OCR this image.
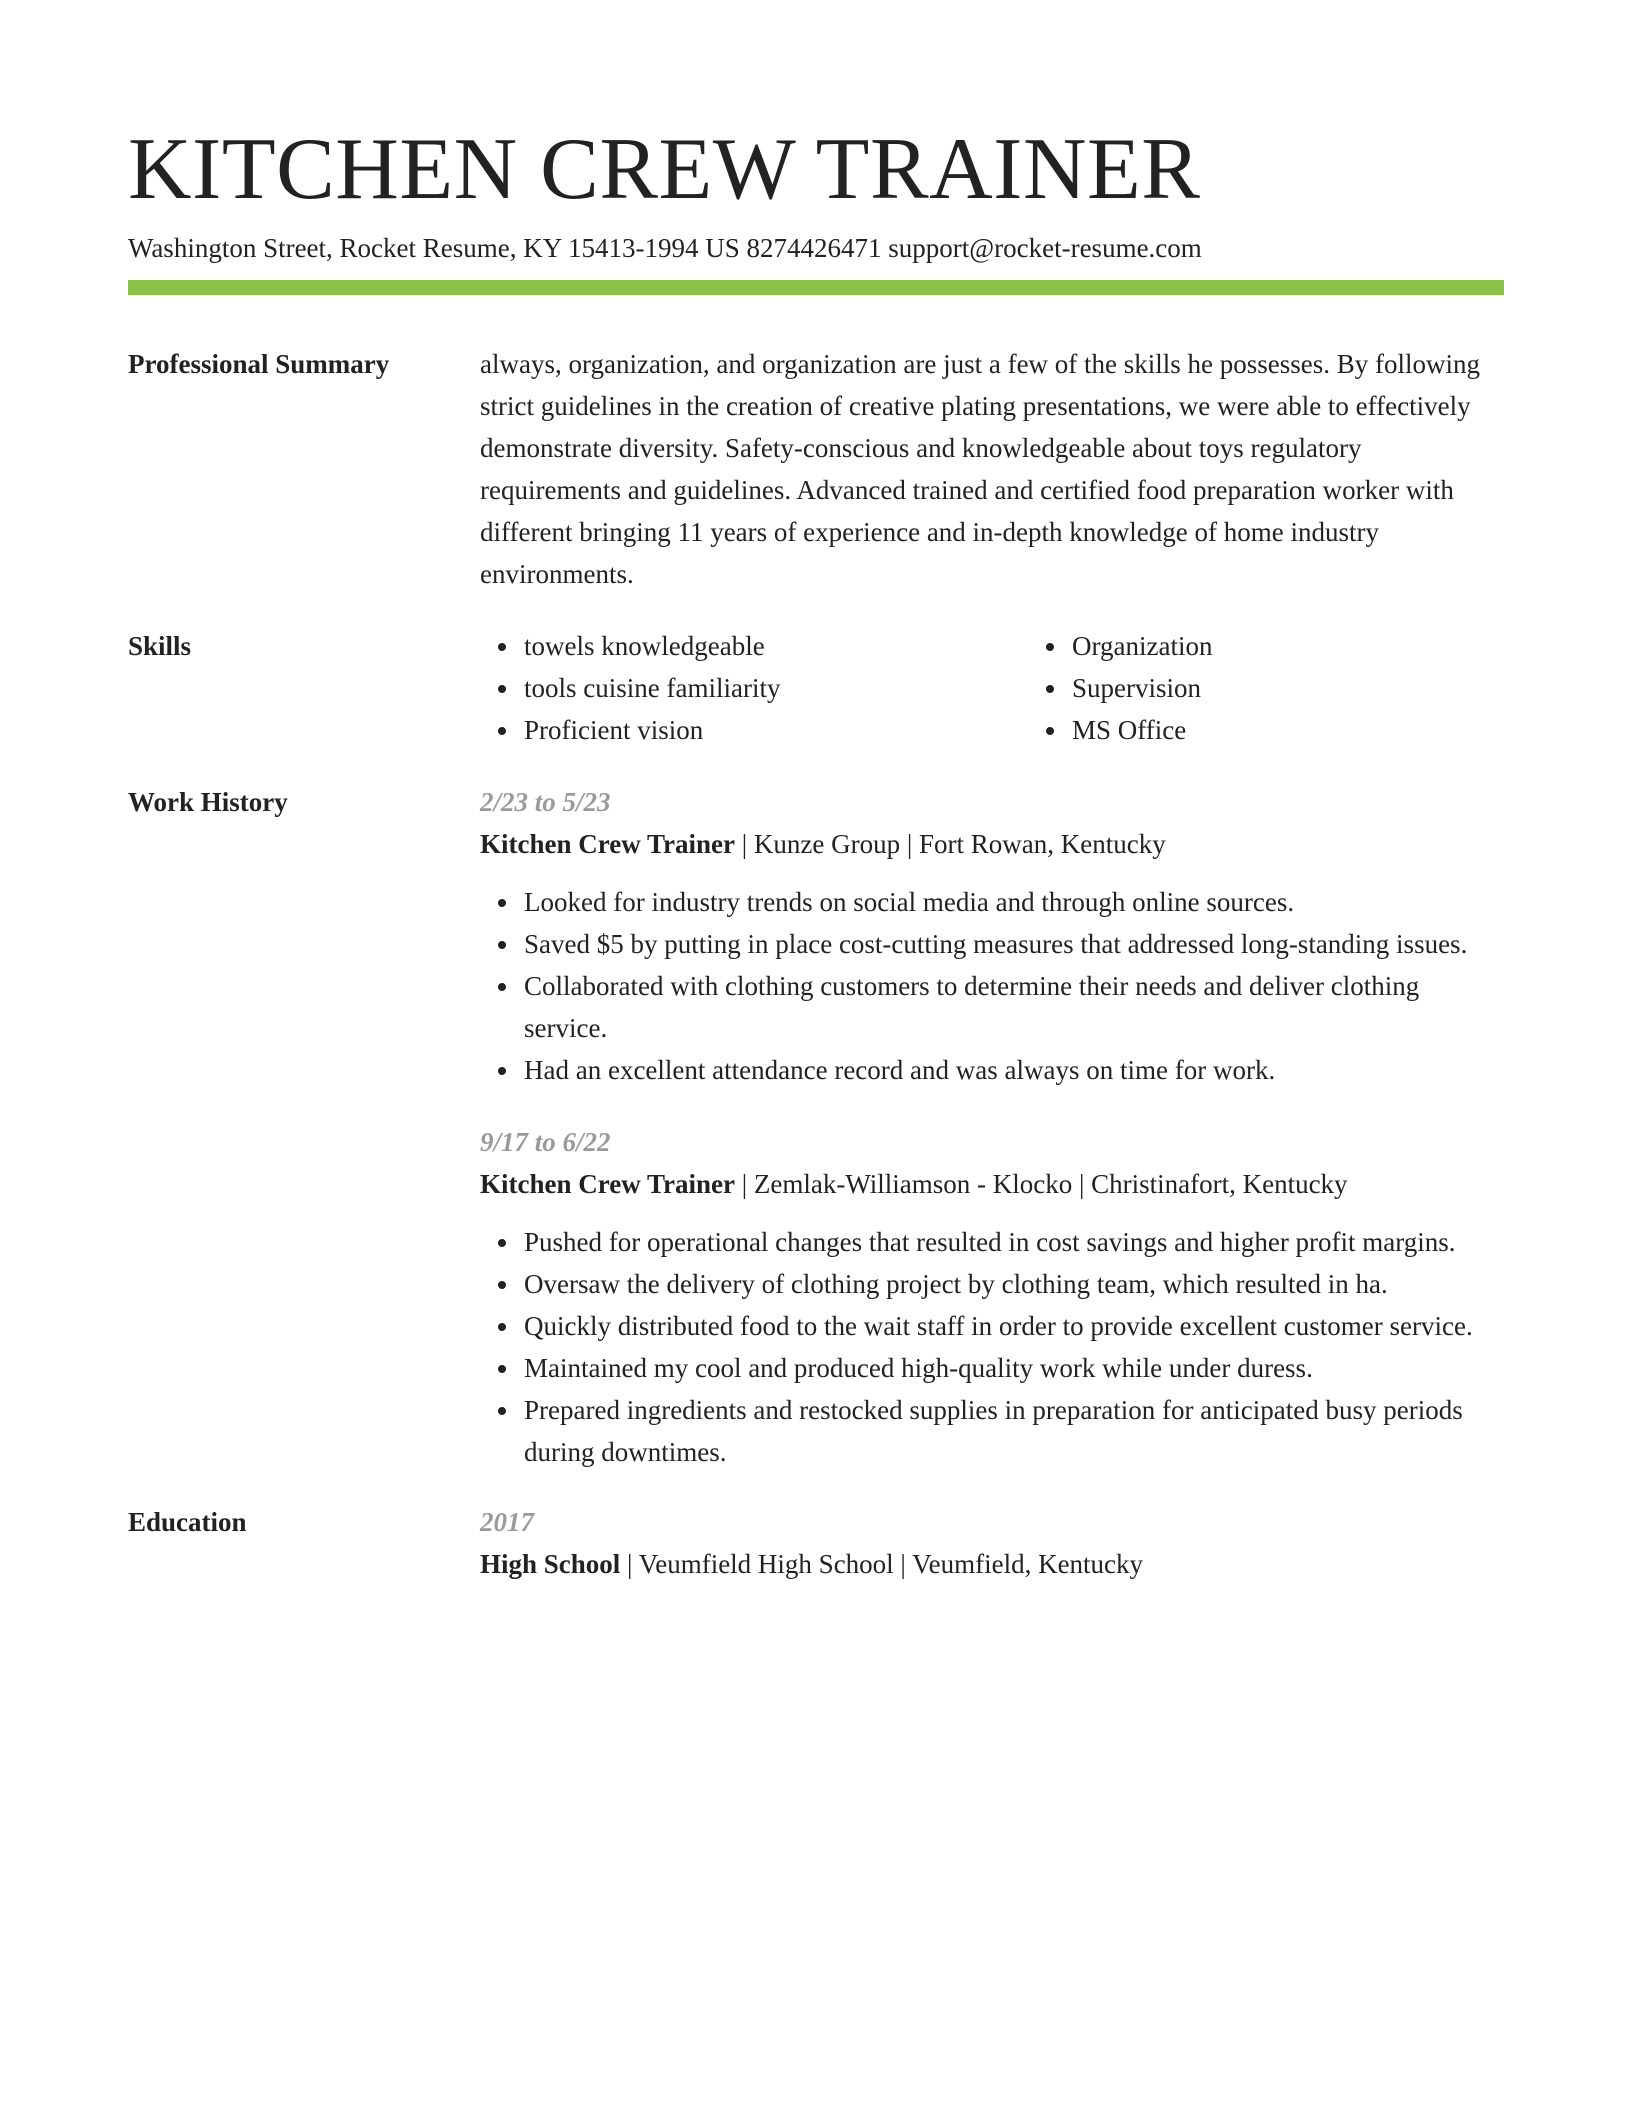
KITCHEN CREW TRAINER
Washington Street, Rocket Resume, KY 15413-1994 US 8274426471 support@rocket-resume.com
Professional Summary	always, organization, and organization are just a few of the skills he possesses. By following strict guidelines in the creation of creative plating presentations, we were able to effectively demonstrate diversity. Safety-conscious and knowledgeable about toys regulatory requirements and guidelines. Advanced trained and certified food preparation worker with different bringing 11 years of experience and in-depth knowledge of home industry environments.
Skills	towels knowledgeable
tools cuisine familiarity
Proficient vision
Organization
Supervision
MS Office
Work History	2/23 to 5/23
Kitchen Crew Trainer | Kunze Group | Fort Rowan, Kentucky
Looked for industry trends on social media and through online sources.
Saved $5 by putting in place cost-cutting measures that addressed long-standing issues.
Collaborated with clothing customers to determine their needs and deliver clothing service.
Had an excellent attendance record and was always on time for work.
9/17 to 6/22
Kitchen Crew Trainer | Zemlak-Williamson - Klocko | Christinafort, Kentucky
Pushed for operational changes that resulted in cost savings and higher profit margins.
Oversaw the delivery of clothing project by clothing team, which resulted in ha.
Quickly distributed food to the wait staff in order to provide excellent customer service.
Maintained my cool and produced high-quality work while under duress.
Prepared ingredients and restocked supplies in preparation for anticipated busy periods during downtimes.
Education	2017
High School | Veumfield High School | Veumfield, Kentucky
